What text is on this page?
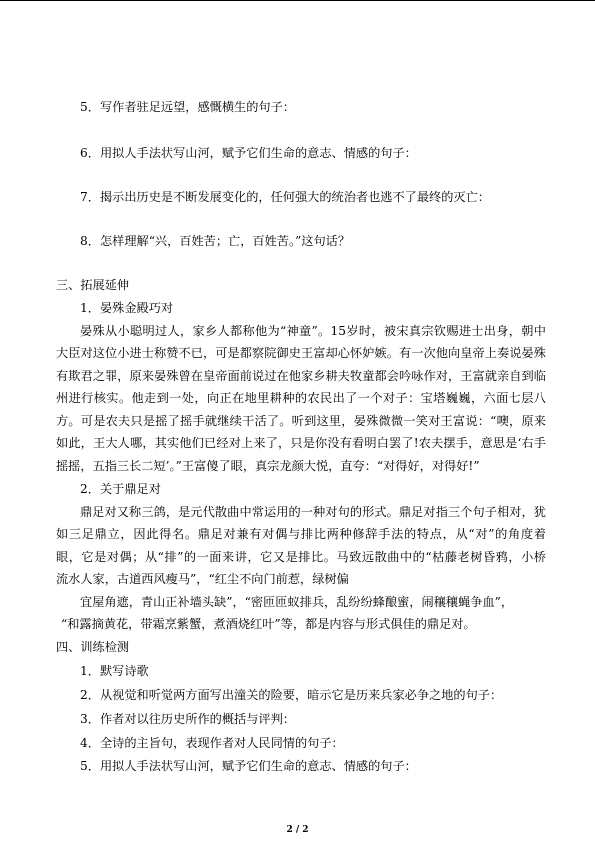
5．写作者驻足远望，感慨横生的句子：
6．用拟人手法状写山河，赋予它们生命的意志、情感的句子：
7．揭示出历史是不断发展变化的，任何强大的统治者也逃不了最终的灭亡：
8．怎样理解“兴，百姓苦；亡，百姓苦。”这句话？
三、拓展延伸
1．晏殊金殿巧对
晏殊从小聪明过人，家乡人都称他为“神童”。15岁时，被宋真宗钦赐进士出身，朝中
大臣对这位小进士称赞不已，可是都察院御史王富却心怀妒嫉。有一次他向皇帝上奏说晏殊
有欺君之罪，原来晏殊曾在皇帝面前说过在他家乡耕夫牧童都会吟咏作对，王富就亲自到临
州进行核实。他走到一处，向正在地里耕种的农民出了一个对子：宝塔巍巍，六面七层八
方。可是农夫只是摇了摇手就继续干活了。听到这里，晏殊微微一笑对王富说：“噢，原来
如此，王大人哪，其实他们已经对上来了，只是你没有看明白罢了!农夫摆手，意思是‘右手
摇摇，五指三长二短’。”王富傻了眼，真宗龙颜大悦，直夸：“对得好，对得好!”
2．关于鼎足对
鼎足对又称三鸽，是元代散曲中常运用的一种对句的形式。鼎足对指三个句子相对，犹
如三足鼎立，因此得名。鼎足对兼有对偶与排比两种修辞手法的特点，从“对”的角度着
眼，它是对偶；从“排”的一面来讲，它又是排比。马致远散曲中的“枯藤老树昏鸦，小桥
流水人家，古道西风瘦马”，“红尘不向门前惹，绿树偏
宜屋角遮，青山正补墙头缺”，“密匝匝蚁排兵，乱纷纷蜂酿蜜，闹穰穰蝇争血”，
“和露摘黄花，带霜烹紫蟹，煮酒烧红叶”等，都是内容与形式俱佳的鼎足对。
四、训练检测
1．默写诗歌
2．从视觉和听觉两方面写出潼关的险要，暗示它是历来兵家必争之地的句子：
3．作者对以往历史所作的概括与评判：
4．全诗的主旨句，表现作者对人民同情的句子：
5．用拟人手法状写山河，赋予它们生命的意志、情感的句子：
2 / 2
